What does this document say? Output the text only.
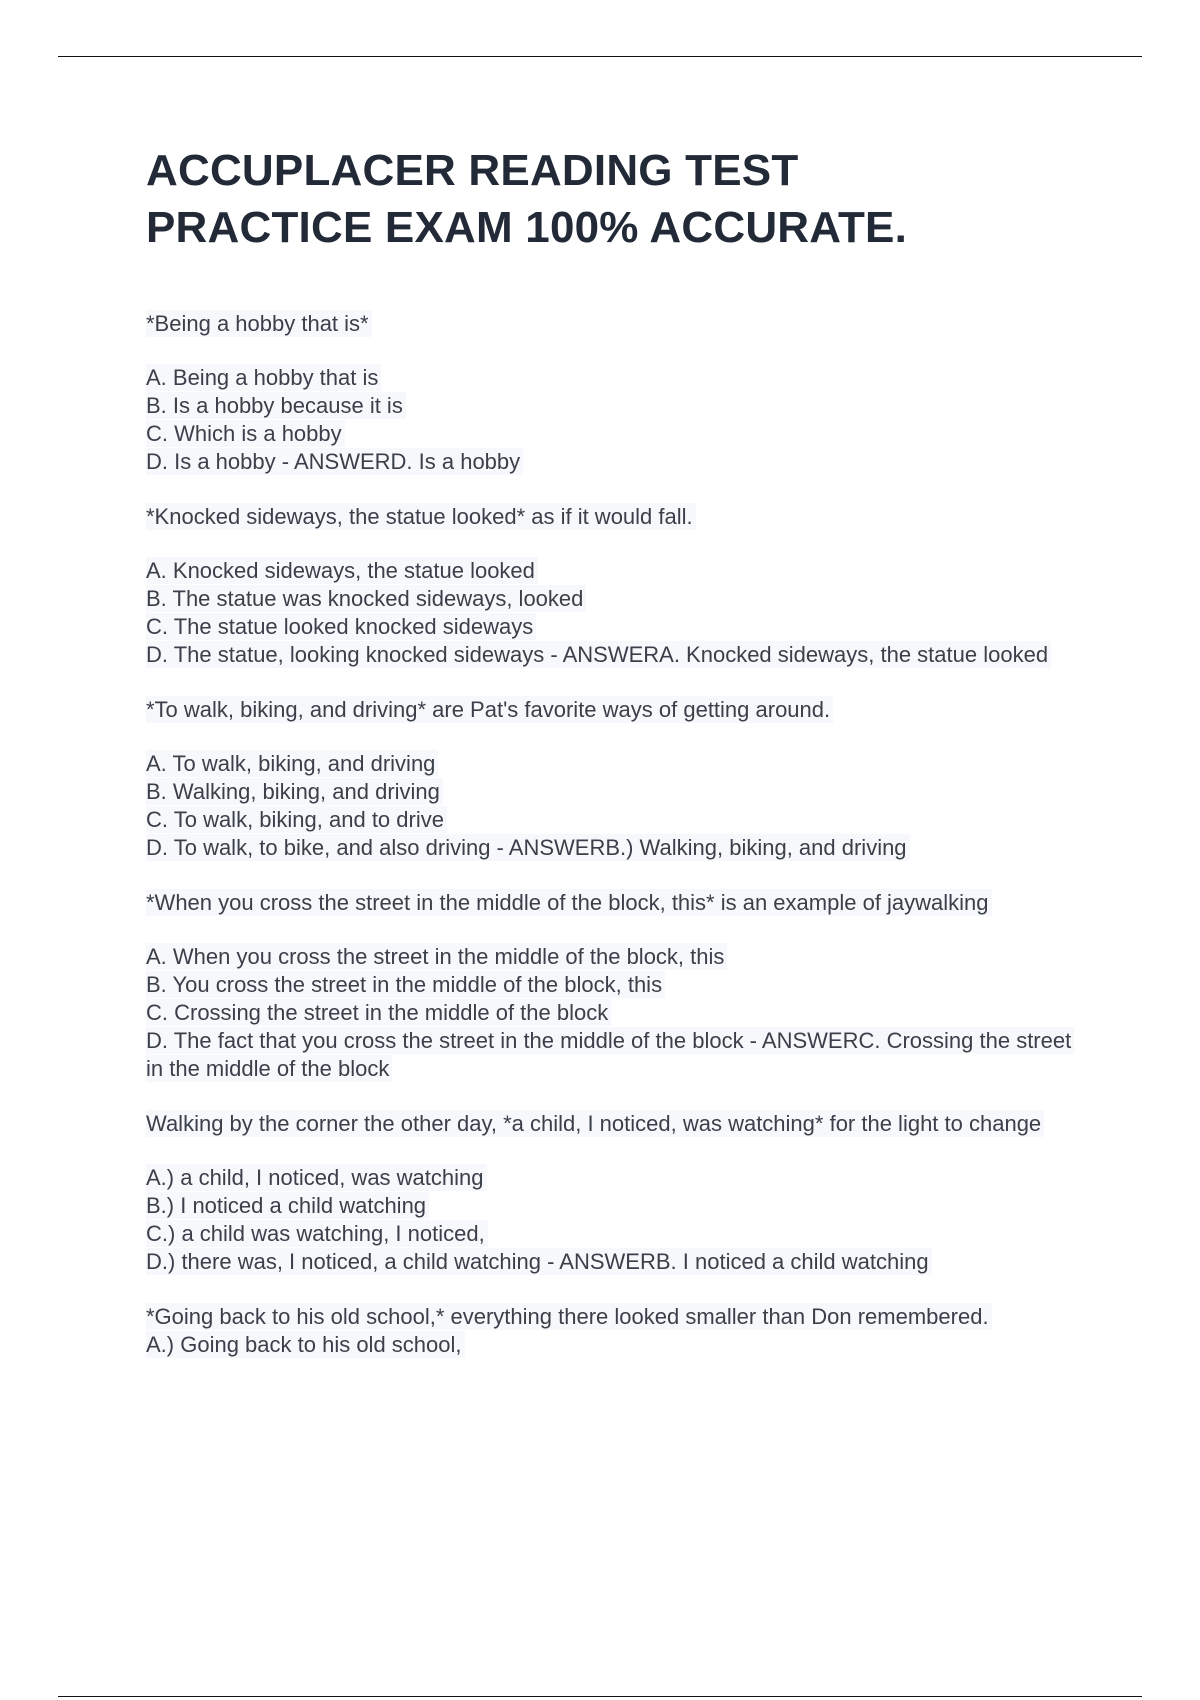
ACCUPLACER READING TEST
PRACTICE EXAM 100% ACCURATE.
*Being a hobby that is*
A. Being a hobby that is
B. Is a hobby because it is
C. Which is a hobby
D. Is a hobby - ANSWERD. Is a hobby
*Knocked sideways, the statue looked* as if it would fall.
A. Knocked sideways, the statue looked
B. The statue was knocked sideways, looked
C. The statue looked knocked sideways
D. The statue, looking knocked sideways - ANSWERA. Knocked sideways, the statue looked
*To walk, biking, and driving* are Pat's favorite ways of getting around.
A. To walk, biking, and driving
B. Walking, biking, and driving
C. To walk, biking, and to drive
D. To walk, to bike, and also driving - ANSWERB.) Walking, biking, and driving
*When you cross the street in the middle of the block, this* is an example of jaywalking
A. When you cross the street in the middle of the block, this
B. You cross the street in the middle of the block, this
C. Crossing the street in the middle of the block
D. The fact that you cross the street in the middle of the block - ANSWERC. Crossing the street in the middle of the block
Walking by the corner the other day, *a child, I noticed, was watching* for the light to change
A.) a child, I noticed, was watching
B.) I noticed a child watching
C.) a child was watching, I noticed,
D.) there was, I noticed, a child watching - ANSWERB. I noticed a child watching
*Going back to his old school,* everything there looked smaller than Don remembered.
A.) Going back to his old school,
